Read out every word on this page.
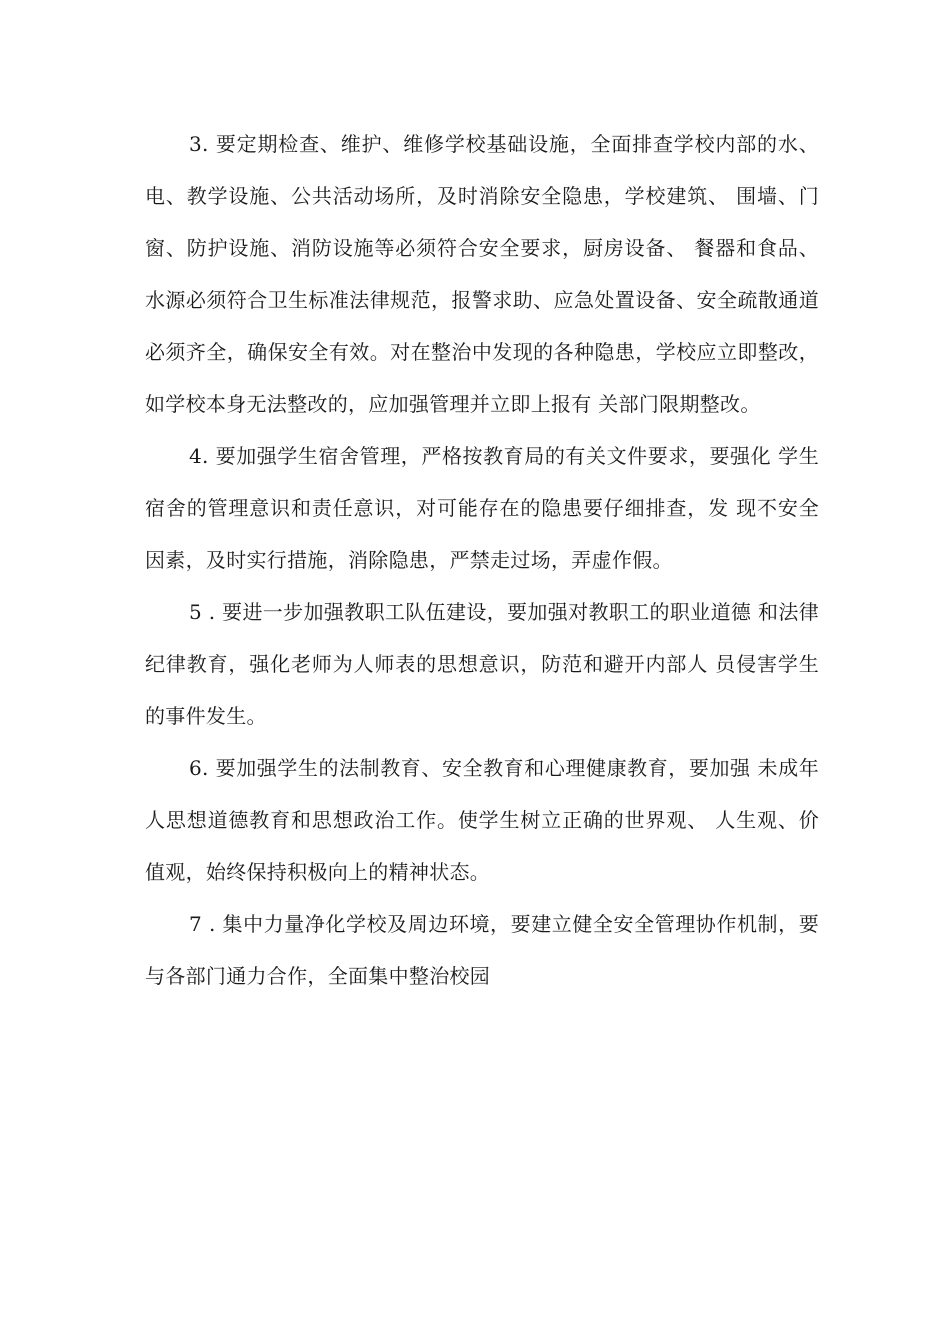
3. 要定期检查、维护、维修学校基础设施，全面排查学校内部的水、电、教学设施、公共活动场所，及时消除安全隐患，学校建筑、 围墙、门窗、防护设施、消防设施等必须符合安全要求，厨房设备、 餐器和食品、水源必须符合卫生标准法律规范，报警求助、应急处置设备、安全疏散通道必须齐全，确保安全有效。对在整治中发现的各种隐患，学校应立即整改，如学校本身无法整改的，应加强管理并立即上报有 关部门限期整改。

4. 要加强学生宿舍管理，严格按教育局的有关文件要求，要强化 学生宿舍的管理意识和责任意识，对可能存在的隐患要仔细排查，发 现不安全因素，及时实行措施，消除隐患，严禁走过场，弄虚作假。

5 . 要进一步加强教职工队伍建设，要加强对教职工的职业道德 和法律纪律教育，强化老师为人师表的思想意识，防范和避开内部人 员侵害学生的事件发生。

6. 要加强学生的法制教育、安全教育和心理健康教育，要加强 未成年人思想道德教育和思想政治工作。使学生树立正确的世界观、 人生观、价值观，始终保持积极向上的精神状态。

7 . 集中力量净化学校及周边环境，要建立健全安全管理协作机制，要与各部门通力合作，全面集中整治校园
